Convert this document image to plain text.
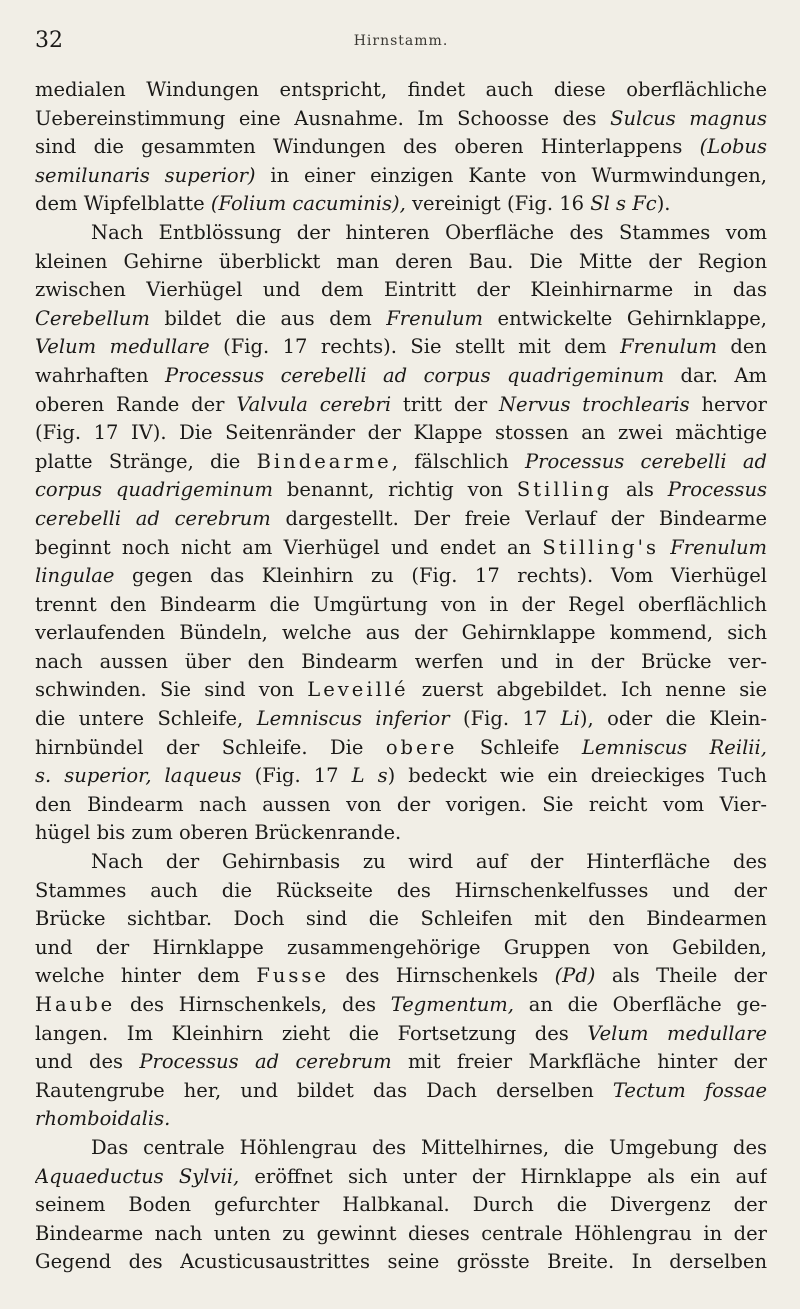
32	Hirnstamm.
medialen Windungen entspricht, findet auch diese oberflächliche
Uebereinstimmung eine Ausnahme. Im Schoosse des Sulcus magnus
sind die gesammten Windungen des oberen Hinterlappens (Lobus
semilunaris superior) in einer einzigen Kante von Wurmwindungen,
dem Wipfelblatte (Folium cacuminis), vereinigt (Fig. 16 Sl s Fc).
Nach Entblössung der hinteren Oberfläche des Stammes vom
kleinen Gehirne überblickt man deren Bau. Die Mitte der Region
zwischen Vierhügel und dem Eintritt der Kleinhirnarme in das
Cerebellum bildet die aus dem Frenulum entwickelte Gehirnklappe,
Velum medullare (Fig. 17 rechts). Sie stellt mit dem Frenulum den
wahrhaften Processus cerebelli ad corpus quadrigeminum dar. Am
oberen Rande der Valvula cerebri tritt der Nervus trochlearis hervor
(Fig. 17 IV). Die Seitenränder der Klappe stossen an zwei mächtige
platte Stränge, die Bindearme, fälschlich Processus cerebelli ad
corpus quadrigeminum benannt, richtig von Stilling als Processus
cerebelli ad cerebrum dargestellt. Der freie Verlauf der Bindearme
beginnt noch nicht am Vierhügel und endet an Stilling's Frenulum
lingulae gegen das Kleinhirn zu (Fig. 17 rechts). Vom Vierhügel
trennt den Bindearm die Umgürtung von in der Regel oberflächlich
verlaufenden Bündeln, welche aus der Gehirnklappe kommend, sich
nach aussen über den Bindearm werfen und in der Brücke ver-
schwinden. Sie sind von Leveillé zuerst abgebildet. Ich nenne sie
die untere Schleife, Lemniscus inferior (Fig. 17 Li), oder die Klein-
hirnbündel der Schleife. Die obere Schleife Lemniscus Reilii,
s. superior, laqueus (Fig. 17 L s) bedeckt wie ein dreieckiges Tuch
den Bindearm nach aussen von der vorigen. Sie reicht vom Vier-
hügel bis zum oberen Brückenrande.
Nach der Gehirnbasis zu wird auf der Hinterfläche des
Stammes auch die Rückseite des Hirnschenkelfusses und der
Brücke sichtbar. Doch sind die Schleifen mit den Bindearmen
und der Hirnklappe zusammengehörige Gruppen von Gebilden,
welche hinter dem Fusse des Hirnschenkels (Pd) als Theile der
Haube des Hirnschenkels, des Tegmentum, an die Oberfläche ge-
langen. Im Kleinhirn zieht die Fortsetzung des Velum medullare
und des Processus ad cerebrum mit freier Markfläche hinter der
Rautengrube her, und bildet das Dach derselben Tectum fossae
rhomboidalis.
Das centrale Höhlengrau des Mittelhirnes, die Umgebung des
Aquaeductus Sylvii, eröffnet sich unter der Hirnklappe als ein auf
seinem Boden gefurchter Halbkanal. Durch die Divergenz der
Bindearme nach unten zu gewinnt dieses centrale Höhlengrau in der
Gegend des Acusticusaustrittes seine grösste Breite. In derselben
